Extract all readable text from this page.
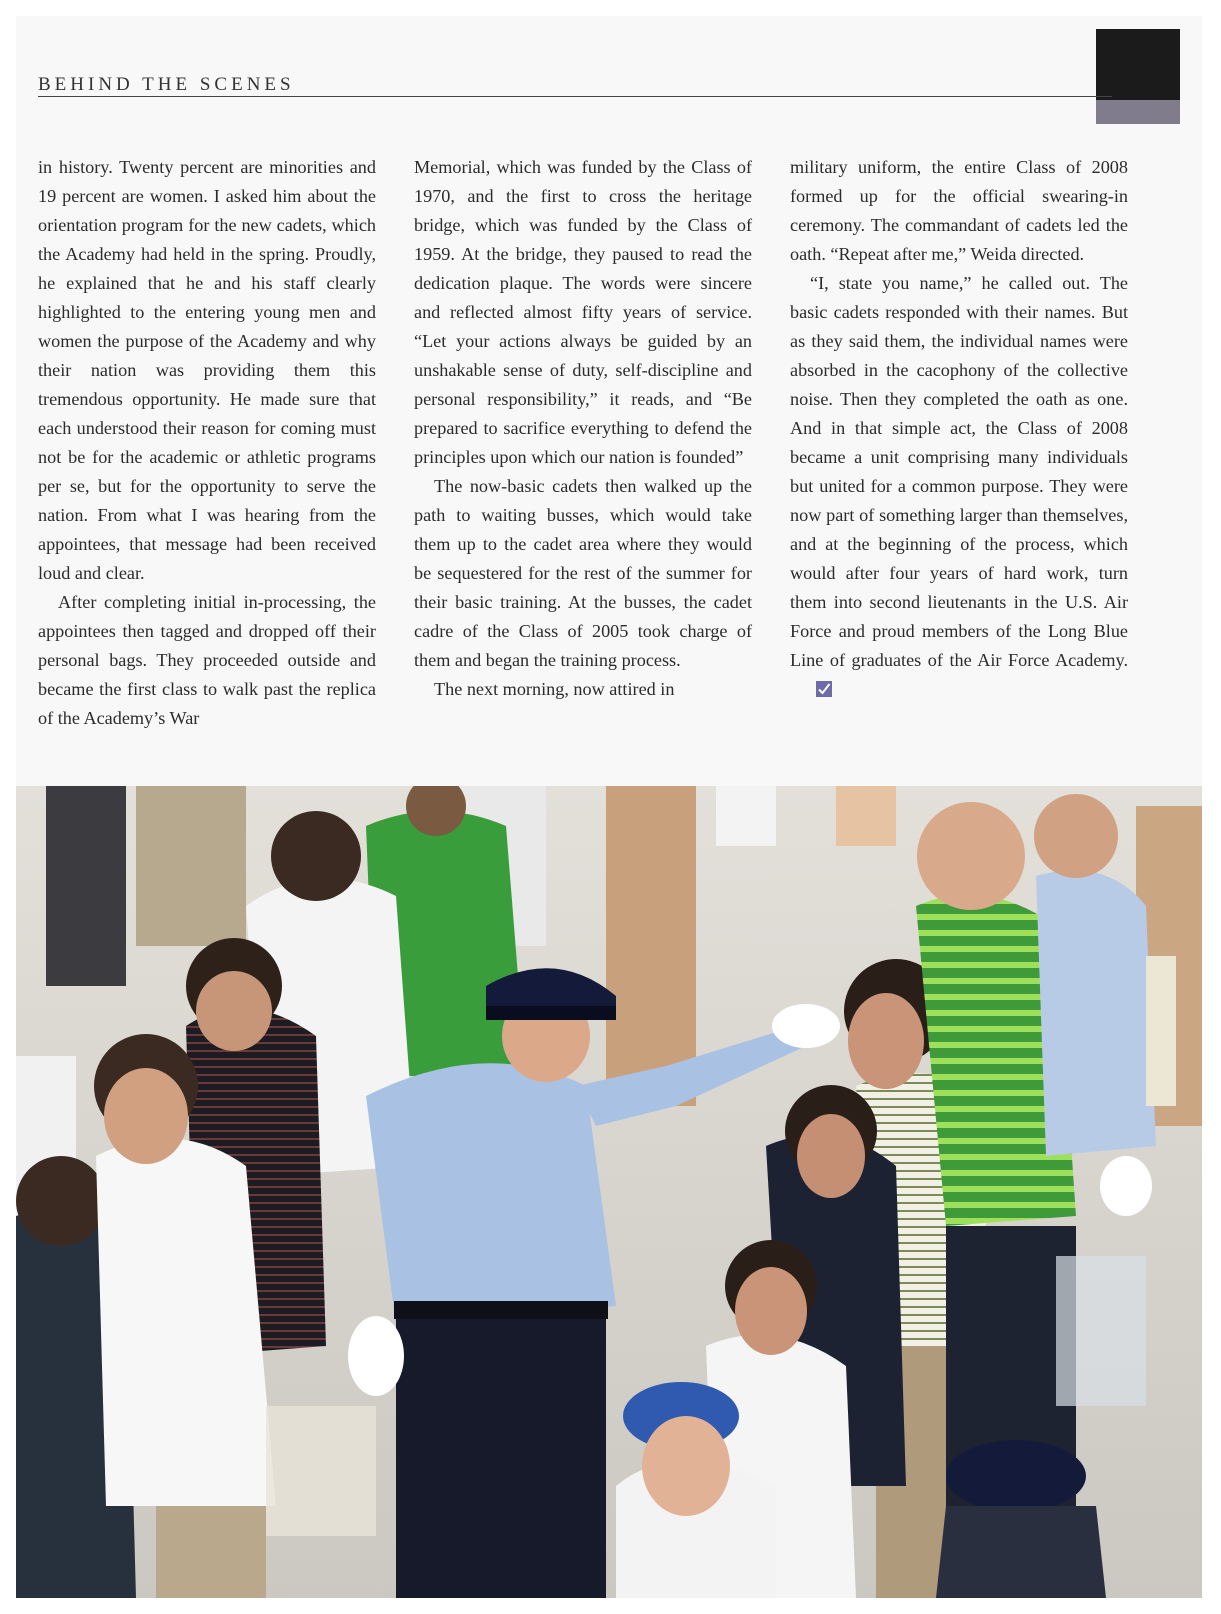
BEHIND THE SCENES

in history. Twenty percent are minorities and 19 percent are women. I asked him about the orientation program for the new cadets, which the Academy had held in the spring. Proudly, he explained that he and his staff clearly highlighted to the entering young men and women the purpose of the Academy and why their nation was providing them this tremendous opportunity. He made sure that each understood their reason for coming must not be for the academic or athletic programs per se, but for the opportunity to serve the nation. From what I was hearing from the appointees, that message had been received loud and clear.

After completing initial in-processing, the appointees then tagged and dropped off their personal bags. They proceeded outside and became the first class to walk past the replica of the Academy’s War

Memorial, which was funded by the Class of 1970, and the first to cross the heritage bridge, which was funded by the Class of 1959. At the bridge, they paused to read the dedication plaque. The words were sincere and reflected almost fifty years of service. “Let your actions always be guided by an unshakable sense of duty, self-discipline and personal responsibility,” it reads, and “Be prepared to sacrifice everything to defend the principles upon which our nation is founded”

The now-basic cadets then walked up the path to waiting busses, which would take them up to the cadet area where they would be sequestered for the rest of the summer for their basic training. At the busses, the cadet cadre of the Class of 2005 took charge of them and began the training process.

The next morning, now attired in

military uniform, the entire Class of 2008 formed up for the official swearing-in ceremony. The commandant of cadets led the oath. “Repeat after me,” Weida directed.

“I, state you name,” he called out. The basic cadets responded with their names. But as they said them, the individual names were absorbed in the cacophony of the collective noise. Then they completed the oath as one. And in that simple act, the Class of 2008 became a unit comprising many individuals but united for a common purpose. They were now part of something larger than themselves, and at the beginning of the process, which would after four years of hard work, turn them into second lieutenants in the U.S. Air Force and proud members of the Long Blue Line of graduates of the Air Force Academy.
